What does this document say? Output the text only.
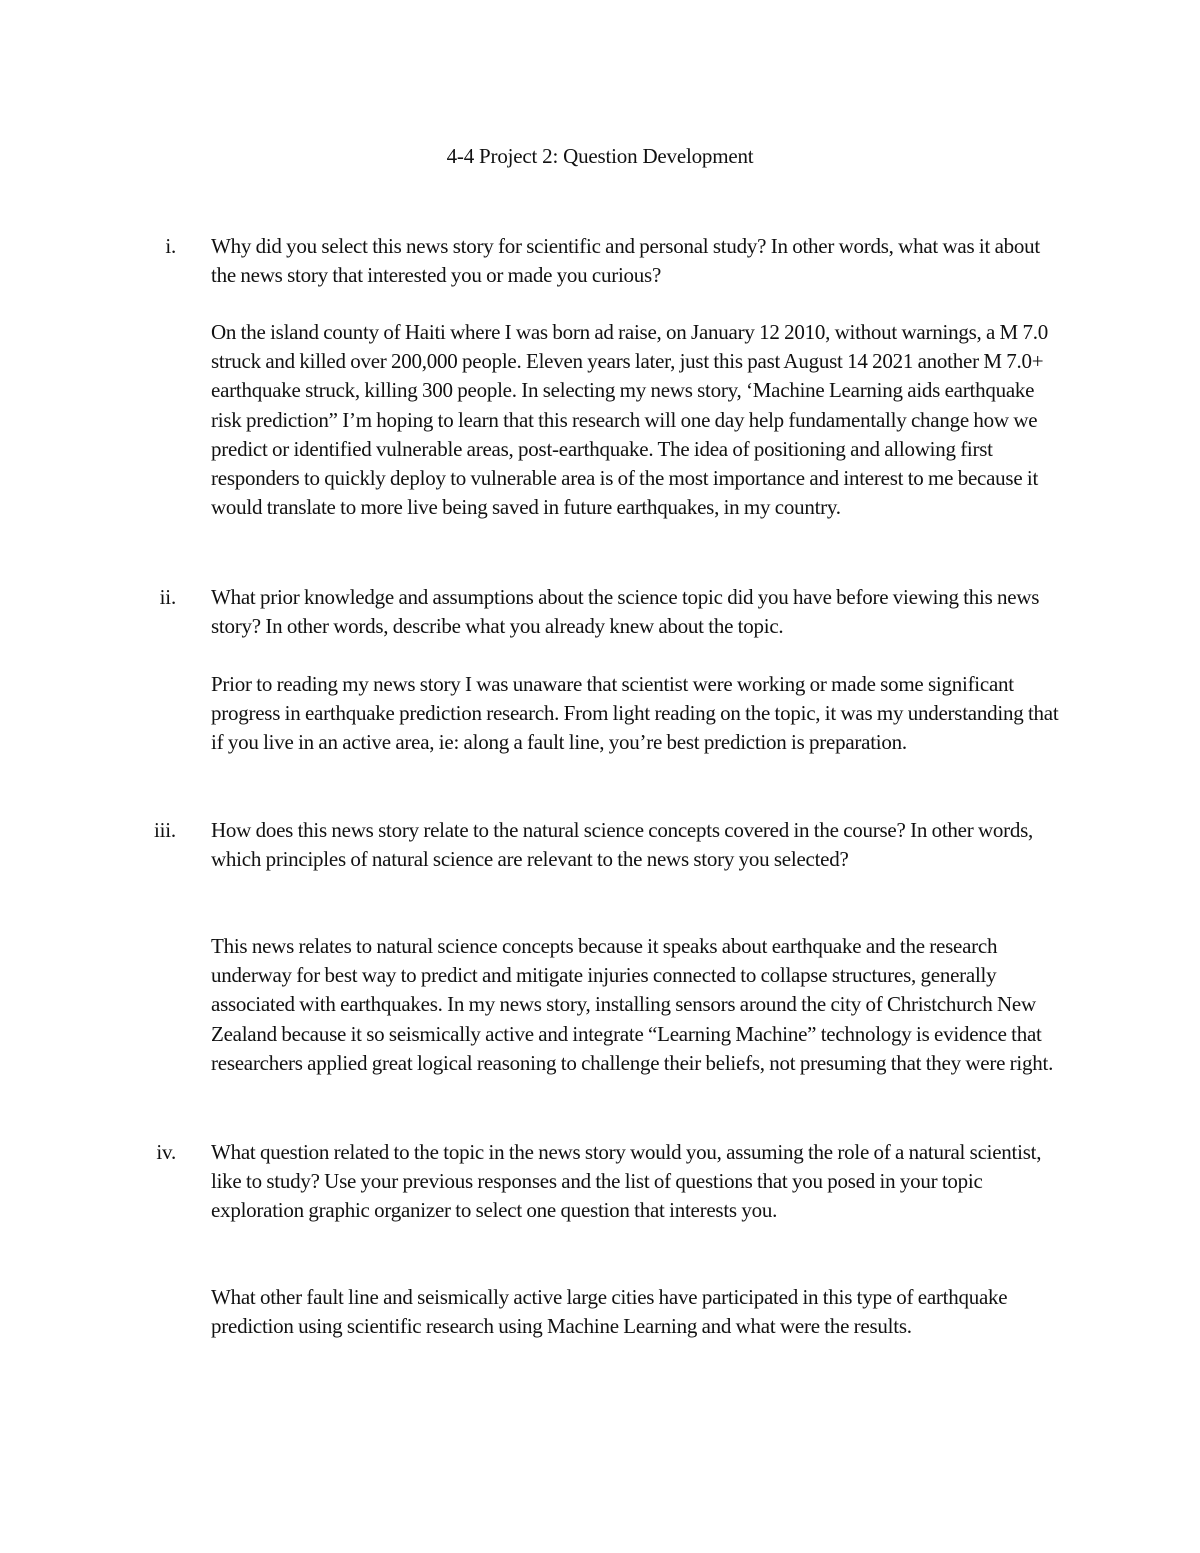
4-4 Project 2: Question Development
i. Why did you select this news story for scientific and personal study? In other words, what was it about the news story that interested you or made you curious?
On the island county of Haiti where I was born ad raise, on January 12 2010, without warnings, a M 7.0 struck and killed over 200,000 people. Eleven years later, just this past August 14 2021 another M 7.0+ earthquake struck, killing 300 people. In selecting my news story, ‘Machine Learning aids earthquake risk prediction” I’m hoping to learn that this research will one day help fundamentally change how we predict or identified vulnerable areas, post-earthquake. The idea of positioning and allowing first responders to quickly deploy to vulnerable area is of the most importance and interest to me because it would translate to more live being saved in future earthquakes, in my country.
ii. What prior knowledge and assumptions about the science topic did you have before viewing this news story? In other words, describe what you already knew about the topic.
Prior to reading my news story I was unaware that scientist were working or made some significant progress in earthquake prediction research. From light reading on the topic, it was my understanding that if you live in an active area, ie: along a fault line, you’re best prediction is preparation.
iii. How does this news story relate to the natural science concepts covered in the course? In other words, which principles of natural science are relevant to the news story you selected?
This news relates to natural science concepts because it speaks about earthquake and the research underway for best way to predict and mitigate injuries connected to collapse structures, generally associated with earthquakes. In my news story, installing sensors around the city of Christchurch New Zealand because it so seismically active and integrate “Learning Machine” technology is evidence that researchers applied great logical reasoning to challenge their beliefs, not presuming that they were right.
iv. What question related to the topic in the news story would you, assuming the role of a natural scientist, like to study? Use your previous responses and the list of questions that you posed in your topic exploration graphic organizer to select one question that interests you.
What other fault line and seismically active large cities have participated in this type of earthquake prediction using scientific research using Machine Learning and what were the results.
